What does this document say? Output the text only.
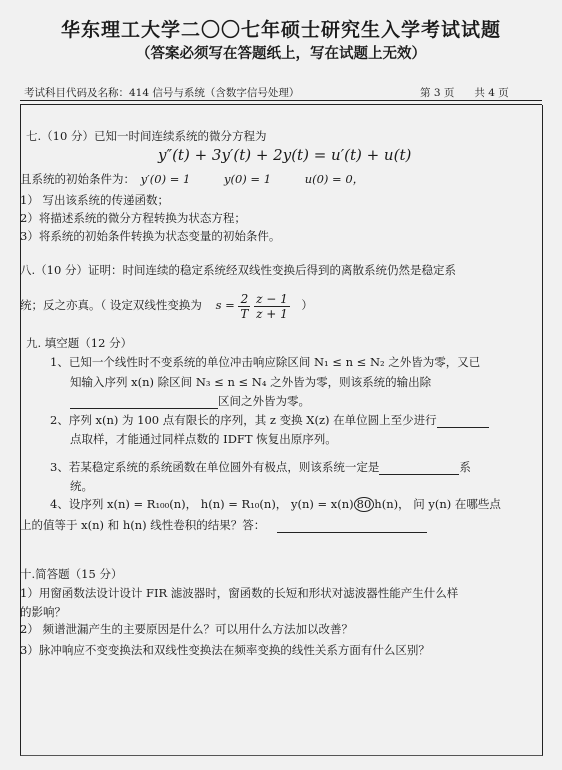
华东理工大学二〇〇七年硕士研究生入学考试试题
（答案必须写在答题纸上，写在试题上无效）
考试科目代码及名称：414 信号与系统（含数字信号处理）	第 3 页 共 4 页
七.（10 分）已知一时间连续系统的微分方程为
y″(t) + 3y′(t) + 2y(t) = u′(t) + u(t)
且系统的初始条件为： y′(0) = 1	y(0) = 1	u(0) = 0，
1） 写出该系统的传递函数；
2）将描述系统的微分方程转换为状态方程；
3）将系统的初始条件转换为状态变量的初始条件。
八.（10 分）证明：时间连续的稳定系统经双线性变换后得到的离散系统仍然是稳定系
统；反之亦真。（ 设定双线性变换为 $s = \frac{2}{T}$
$\frac{z - 1}{z + 1}$ ）
九. 填空题（12 分）
1、已知一个线性时不变系统的单位冲击响应除区间 N₁ ≤ n ≤ N₂ 之外皆为零，又已
知输入序列 x(n) 除区间 N₃ ≤ n ≤ N₄ 之外皆为零，则该系统的输出除
区间之外皆为零。
2、序列 x(n) 为 100 点有限长的序列，其 z 变换 X(z) 在单位圆上至少进行
点取样，才能通过同样点数的 IDFT 恢复出原序列。
3、若某稳定系统的系统函数在单位圆外有极点，则该系统一定是	系
统。
4、设序列 x(n) = R₁₀₀(n)， h(n) = R₁₀(n)， y(n) = x(n) 80 h(n)， 问 y(n) 在哪些点
上的值等于 x(n) 和 h(n) 线性卷积的结果？答：
十.简答题（15 分）
1）用窗函数法设计设计 FIR 滤波器时，窗函数的长短和形状对滤波器性能产生什么样
的影响？
2） 频谱泄漏产生的主要原因是什么？可以用什么方法加以改善？
3）脉冲响应不变变换法和双线性变换法在频率变换的线性关系方面有什么区别？
